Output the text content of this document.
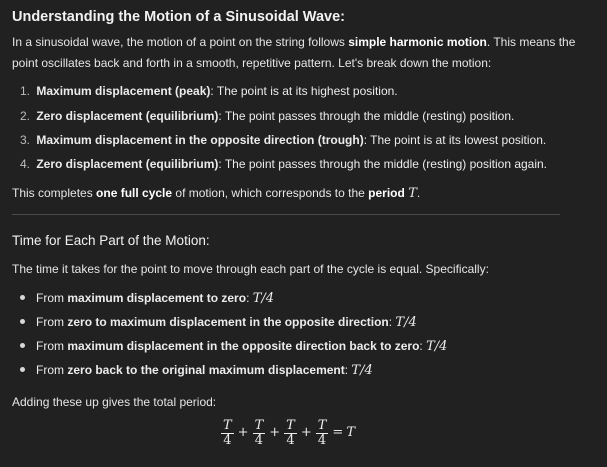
Understanding the Motion of a Sinusoidal Wave:
In a sinusoidal wave, the motion of a point on the string follows simple harmonic motion. This means the
point oscillates back and forth in a smooth, repetitive pattern. Let's break down the motion:
1. Maximum displacement (peak): The point is at its highest position.
2. Zero displacement (equilibrium): The point passes through the middle (resting) position.
3. Maximum displacement in the opposite direction (trough): The point is at its lowest position.
4. Zero displacement (equilibrium): The point passes through the middle (resting) position again.
This completes one full cycle of motion, which corresponds to the period T.
Time for Each Part of the Motion:
The time it takes for the point to move through each part of the cycle is equal. Specifically:
From maximum displacement to zero: T/4
From zero to maximum displacement in the opposite direction: T/4
From maximum displacement in the opposite direction back to zero: T/4
From zero back to the original maximum displacement: T/4
Adding these up gives the total period:
$\frac{T}{4} + \frac{T}{4} + \frac{T}{4} + \frac{T}{4} = T$
